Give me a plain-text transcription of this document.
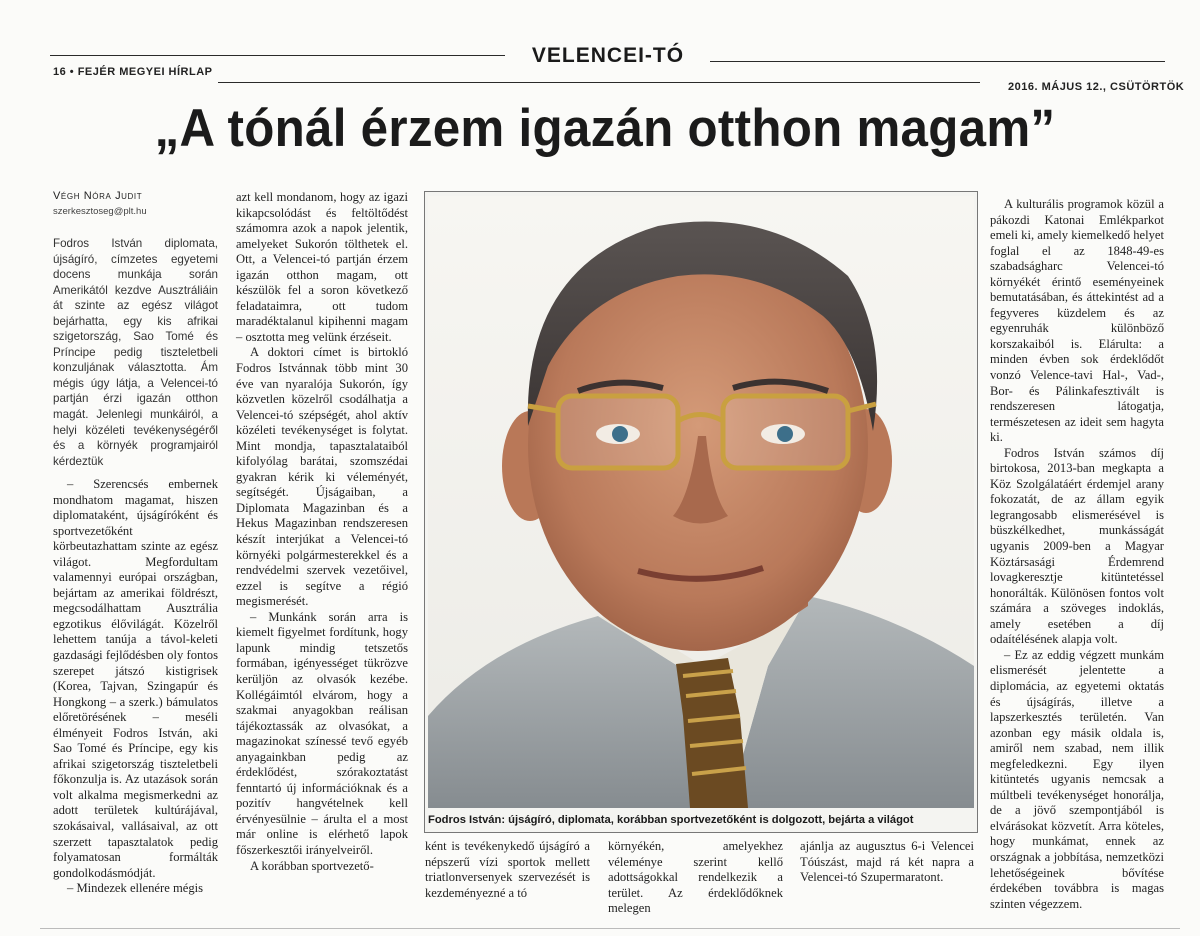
VELENCEI-TÓ
16 • FEJÉR MEGYEI HÍRLAP
2016. MÁJUS 12., CSÜTÖRTÖK
„A tónál érzem igazán otthon magam”
Végh Nóra Judit
szerkesztoseg@plt.hu
Fodros István diplomata, újságíró, címzetes egyetemi docens munkája során Amerikától kezdve Ausztráliáin át szinte az egész világot bejárhatta, egy kis afrikai szigetország, Sao Tomé és Príncipe pedig tiszteletbeli konzuljának választotta. Ám mégis úgy látja, a Velencei-tó partján érzi igazán otthon magát. Jelenlegi munkáiról, a helyi közéleti tevékenységéről és a környék programjairól kérdeztük

– Szerencsés embernek mondhatom magamat, hiszen diplomataként, újságíróként és sportvezetőként körbeutazhattam szinte az egész világot. Megfordultam valamennyi európai országban, bejártam az amerikai földrészt, megcsodálhattam Ausztrália egzotikus élővilágát. Közelről lehettem tanúja a távol-keleti gazdasági fejlődésben oly fontos szerepet játszó kistigrisek (Korea, Tajvan, Szingapúr és Hongkong – a szerk.) bámulatos előretörésének – meséli élményeit Fodros István, aki Sao Tomé és Príncipe, egy kis afrikai szigetország tiszteletbeli főkonzulja is. Az utazások során volt alkalma megismerkedni az adott területek kultúrájával, szokásaival, vallásaival, az ott szerzett tapasztalatok pedig folyamatosan formálták gondolkodásmódját.

– Mindezek ellenére mégis

azt kell mondanom, hogy az igazi kikapcsolódást és feltöltődést számomra azok a napok jelentik, amelyeket Sukorón tölthetek el. Ott, a Velencei-tó partján érzem igazán otthon magam, ott készülök fel a soron következő feladataimra, ott tudom maradéktalanul kipihenni magam – osztotta meg velünk érzéseit.

A doktori címet is birtokló Fodros Istvánnak több mint 30 éve van nyaralója Sukorón, így közvetlen közelről csodálhatja a Velencei-tó szépségét, ahol aktív közéleti tevékenységet is folytat. Mint mondja, tapasztalataiból kifolyólag barátai, szomszédai gyakran kérik ki véleményét, segítségét. Újságaiban, a Diplomata Magazinban és a Hekus Magazinban rendszeresen készít interjúkat a Velencei-tó környéki polgármesterekkel és a rendvédelmi szervek vezetőivel, ezzel is segítve a régió megismerését.

– Munkánk során arra is kiemelt figyelmet fordítunk, hogy lapunk mindig tetszetős formában, igényességet tükrözve kerüljön az olvasók kezébe. Kollégáimtól elvárom, hogy a szakmai anyagokban reálisan tájékoztassák az olvasókat, a magazinokat színessé tevő egyéb anyagainkban pedig az érdeklődést, szórakoztatást fenntartó új információknak és a pozitív hangvételnek kell érvényesülnie – árulta el a most már online is elérhető lapok főszerkesztői irányelveiről.

A korábban sportvezető-

Fodros István: újságíró, diplomata, korábban sportvezetőként is dolgozott, bejárta a világot

ként is tevékenykedő újságíró a népszerű vízi sportok mellett triatlonversenyek szervezését is kezdeményezné a tó

környékén, amelyekhez véleménye szerint kellő adottságokkal rendelkezik a terület. Az érdeklődőknek melegen

ajánlja az augusztus 6-i Velencei Tóúszást, majd rá két napra a Velencei-tó Szupermaratont.

A kulturális programok közül a pákozdi Katonai Emlékparkot emeli ki, amely kiemelkedő helyet foglal el az 1848-49-es szabadságharc Velencei-tó környékét érintő eseményeinek bemutatásában, és áttekintést ad a fegyveres küzdelem és az egyenruhák különböző korszakaiból is. Elárulta: a minden évben sok érdeklődőt vonzó Velence-tavi Hal-, Vad-, Bor- és Pálinkafesztivált is rendszeresen látogatja, természetesen az ideit sem hagyta ki.

Fodros István számos díj birtokosa, 2013-ban megkapta a Köz Szolgálatáért érdemjel arany fokozatát, de az állam egyik legrangosabb elismerésével is büszkélkedhet, munkásságát ugyanis 2009-ben a Magyar Köztársasági Érdemrend lovagkeresztje kitüntetéssel honorálták. Különösen fontos volt számára a szöveges indoklás, amely esetében a díj odaítélésének alapja volt.

– Ez az eddig végzett munkám elismerését jelentette a diplomácia, az egyetemi oktatás és újságírás, illetve a lapszerkesztés területén. Van azonban egy másik oldala is, amiről nem szabad, nem illik megfeledkezni. Egy ilyen kitüntetés ugyanis nemcsak a múltbeli tevékenységet honorálja, de a jövő szempontjából is elvárásokat közvetít. Arra köteles, hogy munkámat, ennek az országnak a jobbítása, nemzetközi lehetőségeinek bővítése érdekében továbbra is magas szinten végezzem.
